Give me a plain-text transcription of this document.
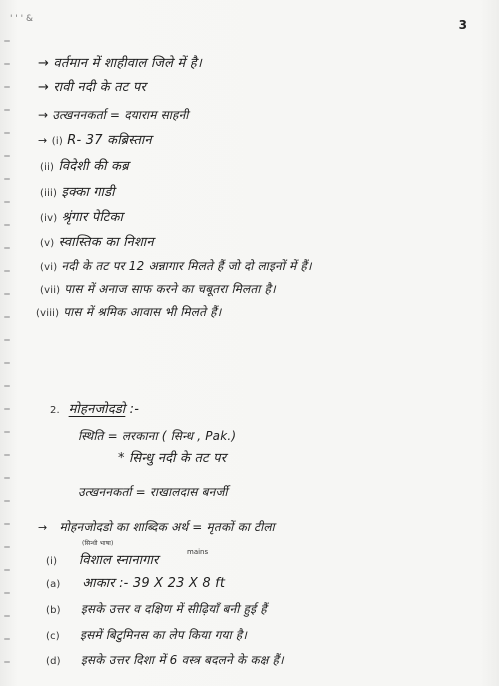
' ' ' &	3
→ वर्तमान में शाहीवाल जिले में है।
→ रावी नदी के तट पर
→ उत्खननकर्ता = दयाराम साहनी
→ (i) R- 37 कब्रिस्तान
(ii) विदेशी की कब्र
(iii) इक्का गाडी
(iv) श्रृंगार पेटिका
(v) स्वास्तिक का निशान
(vi) नदी के तट पर 12 अन्नागार मिलते हैं जो दो लाइनों में हैं।
(vii) पास में अनाज साफ करने का चबूतरा मिलता है।
(viii) पास में श्रमिक आवास भी मिलते हैं।
2. मोहनजोदडो :-
स्थिति = लरकाना ( सिन्ध , Pak.)
* सिन्धु नदी के तट पर
उत्खननकर्ता = राखालदास बनर्जी
→ मोहनजोदडो का शाब्दिक अर्थ = मृतकों का टीला
(सिन्धी भाषा)
(i) विशाल स्नानागार
mains
(a) आकार :- 39 X 23 X 8 ft
(b) इसके उत्तर व दक्षिण में सीढ़ियाँ बनी हुई हैं
(c) इसमें बिटुमिनस का लेप किया गया है।
(d) इसके उत्तर दिशा में 6 वस्त्र बदलने के कक्ष हैं।
